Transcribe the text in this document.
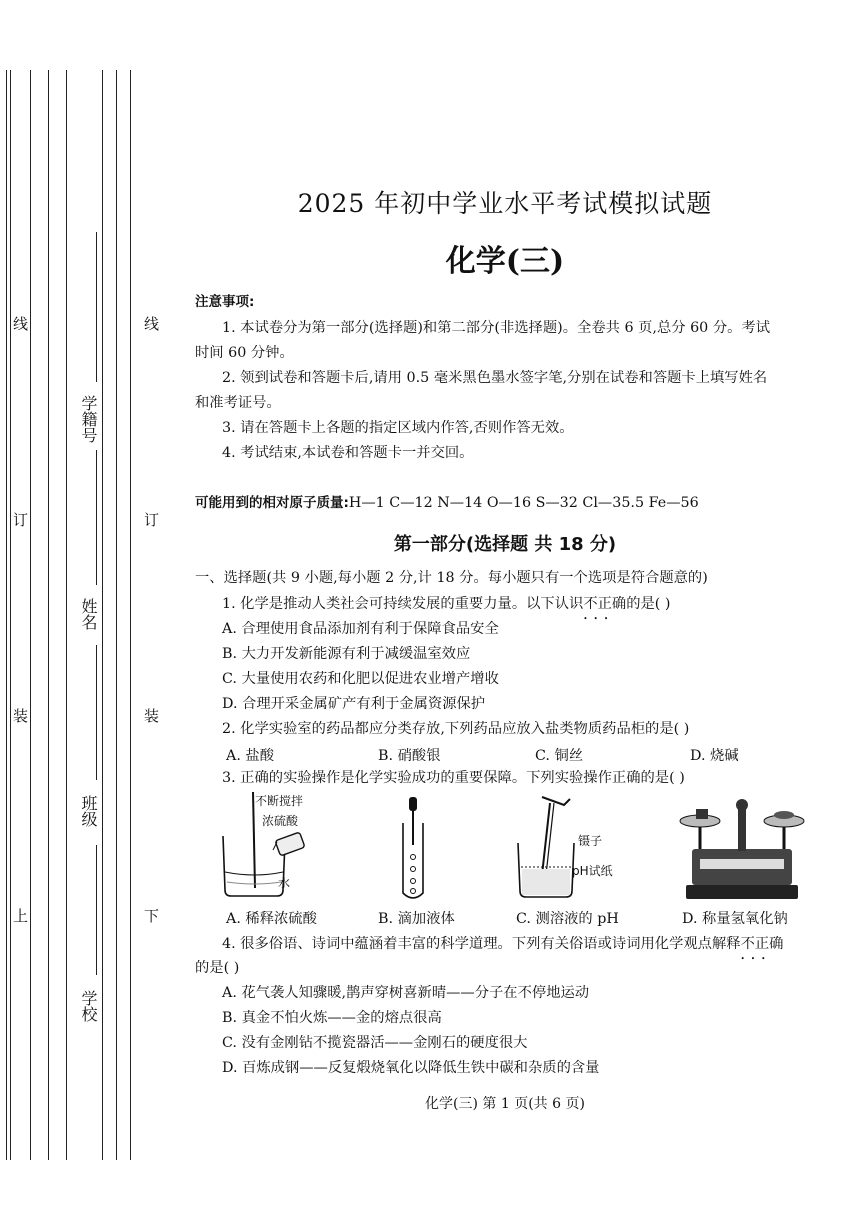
线
订
装
上
线
订
装
下
学籍号
姓名
班级
学校
2025 年初中学业水平考试模拟试题
化学(三)
注意事项:
1. 本试卷分为第一部分(选择题)和第二部分(非选择题)。全卷共 6 页,总分 60 分。考试
时间 60 分钟。
2. 领到试卷和答题卡后,请用 0.5 毫米黑色墨水签字笔,分别在试卷和答题卡上填写姓名
和准考证号。
3. 请在答题卡上各题的指定区域内作答,否则作答无效。
4. 考试结束,本试卷和答题卡一并交回。
可能用到的相对原子质量:H—1 C—12 N—14 O—16 S—32 Cl—35.5 Fe—56
第一部分(选择题 共 18 分)
一、选择题(共 9 小题,每小题 2 分,计 18 分。每小题只有一个选项是符合题意的)
1. 化学是推动人类社会可持续发展的重要力量。以下认识不正确 • • •的是( )
A. 合理使用食品添加剂有利于保障食品安全
B. 大力开发新能源有利于减缓温室效应
C. 大量使用农药和化肥以促进农业增产增收
D. 合理开采金属矿产有利于金属资源保护
2. 化学实验室的药品都应分类存放,下列药品应放入盐类物质药品柜的是( )
A. 盐酸	B. 硝酸银	C. 铜丝	D. 烧碱
3. 正确的实验操作是化学实验成功的重要保障。下列实验操作正确的是( )
不断搅拌
浓硫酸
水
镊子
pH试纸
A. 稀释浓硫酸	B. 滴加液体	C. 测溶液的 pH	D. 称量氢氧化钠
4. 很多俗语、诗词中蕴涵着丰富的科学道理。下列有关俗语或诗词用化学观点解释不正确 • • •
的是( )
A. 花气袭人知骤暖,鹊声穿树喜新晴——分子在不停地运动
B. 真金不怕火炼——金的熔点很高
C. 没有金刚钻不揽瓷器活——金刚石的硬度很大
D. 百炼成钢——反复煅烧氧化以降低生铁中碳和杂质的含量
化学(三) 第 1 页(共 6 页)
